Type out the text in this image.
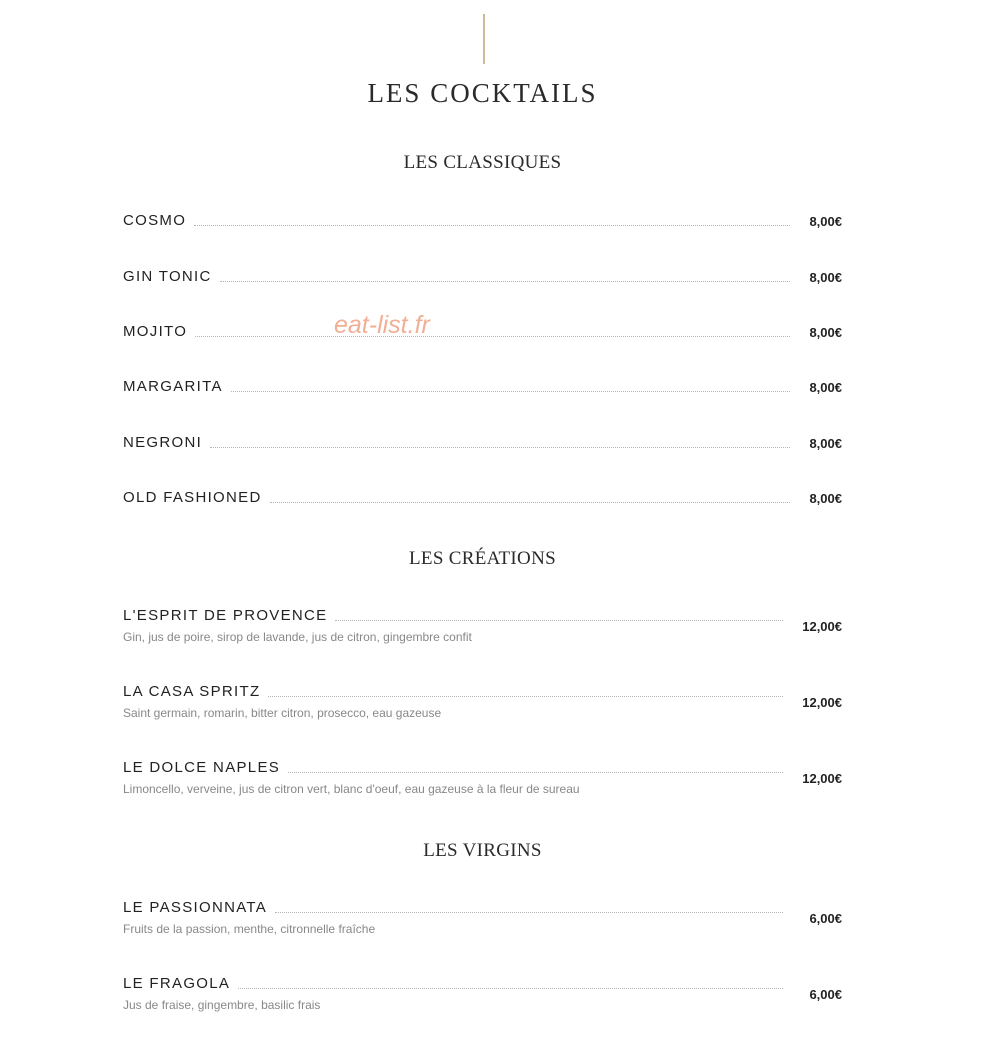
LES COCKTAILS
LES CLASSIQUES
COSMO	8,00€
GIN TONIC	8,00€
MOJITO	8,00€
MARGARITA	8,00€
NEGRONI	8,00€
OLD FASHIONED	8,00€
LES CRÉATIONS
L'ESPRIT DE PROVENCE
Gin, jus de poire, sirop de lavande, jus de citron, gingembre confit
12,00€
LA CASA SPRITZ
Saint germain, romarin, bitter citron, prosecco, eau gazeuse
12,00€
LE DOLCE NAPLES
Limoncello, verveine, jus de citron vert, blanc d'oeuf, eau gazeuse à la fleur de sureau
12,00€
LES VIRGINS
LE PASSIONNATA
Fruits de la passion, menthe, citronnelle fraîche
6,00€
LE FRAGOLA
Jus de fraise, gingembre, basilic frais
6,00€
eat-list.fr
